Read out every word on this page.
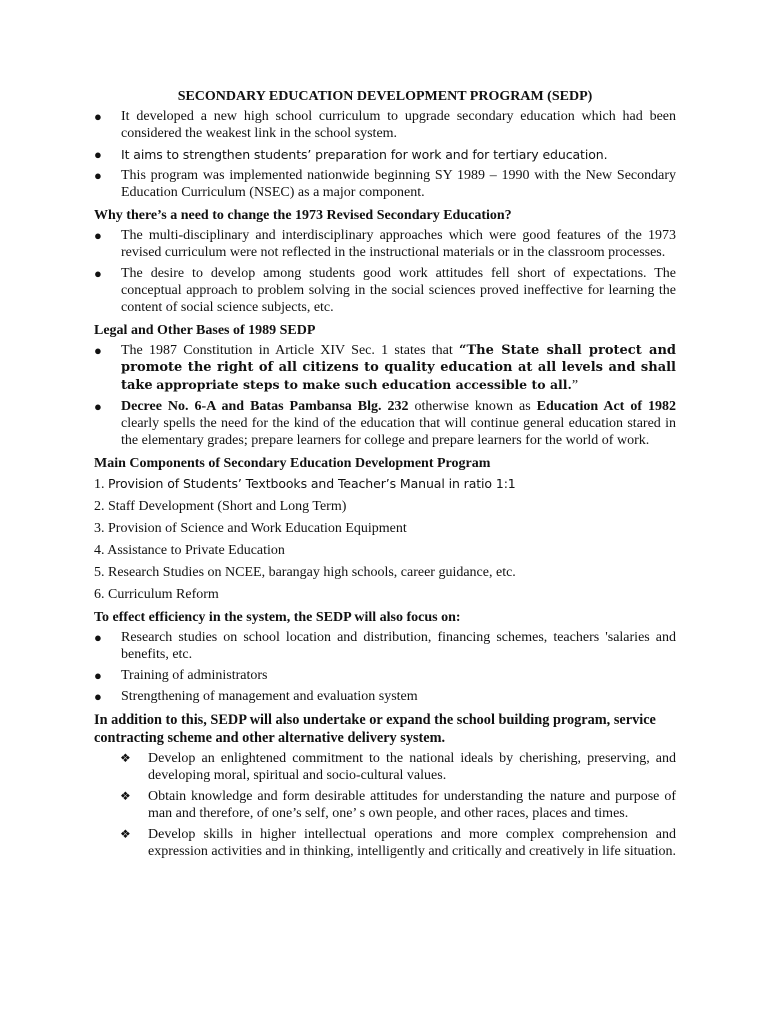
SECONDARY EDUCATION DEVELOPMENT PROGRAM (SEDP)
●	It developed a new high school curriculum to upgrade secondary education which had been considered the weakest link in the school system.
●	It aims to strengthen students’ preparation for work and for tertiary education.
●	This program was implemented nationwide beginning SY 1989 – 1990 with the New Secondary Education Curriculum (NSEC) as a major component.
Why there’s a need to change the 1973 Revised Secondary Education?
●	The multi-disciplinary and interdisciplinary approaches which were good features of the 1973 revised curriculum were not reflected in the instructional materials or in the classroom processes.
●	The desire to develop among students good work attitudes fell short of expectations. The conceptual approach to problem solving in the social sciences proved ineffective for learning the content of social science subjects, etc.
Legal and Other Bases of 1989 SEDP
●	The 1987 Constitution in Article XIV Sec. 1 states that “The State shall protect and promote the right of all citizens to quality education at all levels and shall take appropriate steps to make such education accessible to all.”
●	Decree No. 6-A and Batas Pambansa Blg. 232 otherwise known as Education Act of 1982 clearly spells the need for the kind of the education that will continue general education stared in the elementary grades; prepare learners for college and prepare learners for the world of work.
Main Components of Secondary Education Development Program
1. Provision of Students’ Textbooks and Teacher’s Manual in ratio 1:1
2. Staff Development (Short and Long Term)
3. Provision of Science and Work Education Equipment
4. Assistance to Private Education
5. Research Studies on NCEE, barangay high schools, career guidance, etc.
6. Curriculum Reform
To effect efficiency in the system, the SEDP will also focus on:
●	Research studies on school location and distribution, financing schemes, teachers 'salaries and benefits, etc.
●	Training of administrators
●	Strengthening of management and evaluation system
In addition to this, SEDP will also undertake or expand the school building program, service contracting scheme and other alternative delivery system.
❖	Develop an enlightened commitment to the national ideals by cherishing, preserving, and developing moral, spiritual and socio-cultural values.
❖	Obtain knowledge and form desirable attitudes for understanding the nature and purpose of man and therefore, of one’s self, one’ s own people, and other races, places and times.
❖	Develop skills in higher intellectual operations and more complex comprehension and expression activities and in thinking, intelligently and critically and creatively in life situation.
